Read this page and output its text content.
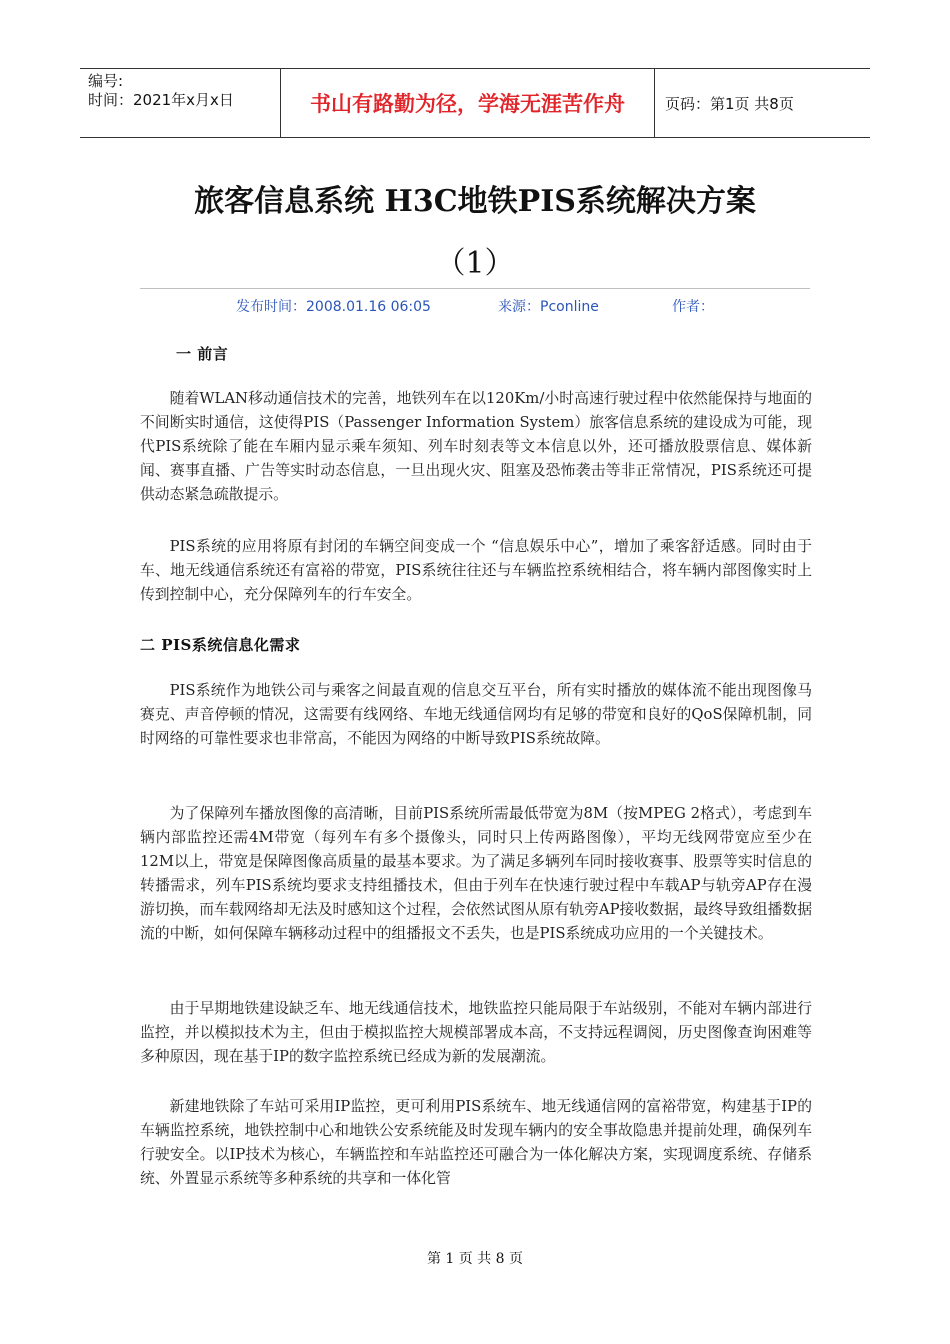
编号:
时间：2021年x月x日	书山有路勤为径，学海无涯苦作舟	页码：第1页 共8页
旅客信息系统 H3C地铁PIS系统解决方案
（1）
发布时间：2008.01.16 06:05	来源：Pconline	作者：
一 前言
随着WLAN移动通信技术的完善，地铁列车在以120Km/小时高速行驶过程中依然能保持与地面的不间断实时通信，这使得PIS（Passenger Information System）旅客信息系统的建设成为可能，现代PIS系统除了能在车厢内显示乘车须知、列车时刻表等文本信息以外，还可播放股票信息、媒体新闻、赛事直播、广告等实时动态信息，一旦出现火灾、阻塞及恐怖袭击等非正常情况，PIS系统还可提供动态紧急疏散提示。
PIS系统的应用将原有封闭的车辆空间变成一个 “信息娱乐中心”，增加了乘客舒适感。同时由于车、地无线通信系统还有富裕的带宽，PIS系统往往还与车辆监控系统相结合，将车辆内部图像实时上传到控制中心，充分保障列车的行车安全。
二 PIS系统信息化需求
PIS系统作为地铁公司与乘客之间最直观的信息交互平台，所有实时播放的媒体流不能出现图像马赛克、声音停顿的情况，这需要有线网络、车地无线通信网均有足够的带宽和良好的QoS保障机制，同时网络的可靠性要求也非常高，不能因为网络的中断导致PIS系统故障。
为了保障列车播放图像的高清晰，目前PIS系统所需最低带宽为8M（按MPEG 2格式），考虑到车辆内部监控还需4M带宽（每列车有多个摄像头，同时只上传两路图像），平均无线网带宽应至少在12M以上，带宽是保障图像高质量的最基本要求。为了满足多辆列车同时接收赛事、股票等实时信息的转播需求，列车PIS系统均要求支持组播技术，但由于列车在快速行驶过程中车载AP与轨旁AP存在漫游切换，而车载网络却无法及时感知这个过程，会依然试图从原有轨旁AP接收数据，最终导致组播数据流的中断，如何保障车辆移动过程中的组播报文不丢失，也是PIS系统成功应用的一个关键技术。
由于早期地铁建设缺乏车、地无线通信技术，地铁监控只能局限于车站级别，不能对车辆内部进行监控，并以模拟技术为主，但由于模拟监控大规模部署成本高，不支持远程调阅，历史图像查询困难等多种原因，现在基于IP的数字监控系统已经成为新的发展潮流。
新建地铁除了车站可采用IP监控，更可利用PIS系统车、地无线通信网的富裕带宽，构建基于IP的车辆监控系统，地铁控制中心和地铁公安系统能及时发现车辆内的安全事故隐患并提前处理，确保列车行驶安全。以IP技术为核心，车辆监控和车站监控还可融合为一体化解决方案，实现调度系统、存储系统、外置显示系统等多种系统的共享和一体化管
第 1 页 共 8 页
